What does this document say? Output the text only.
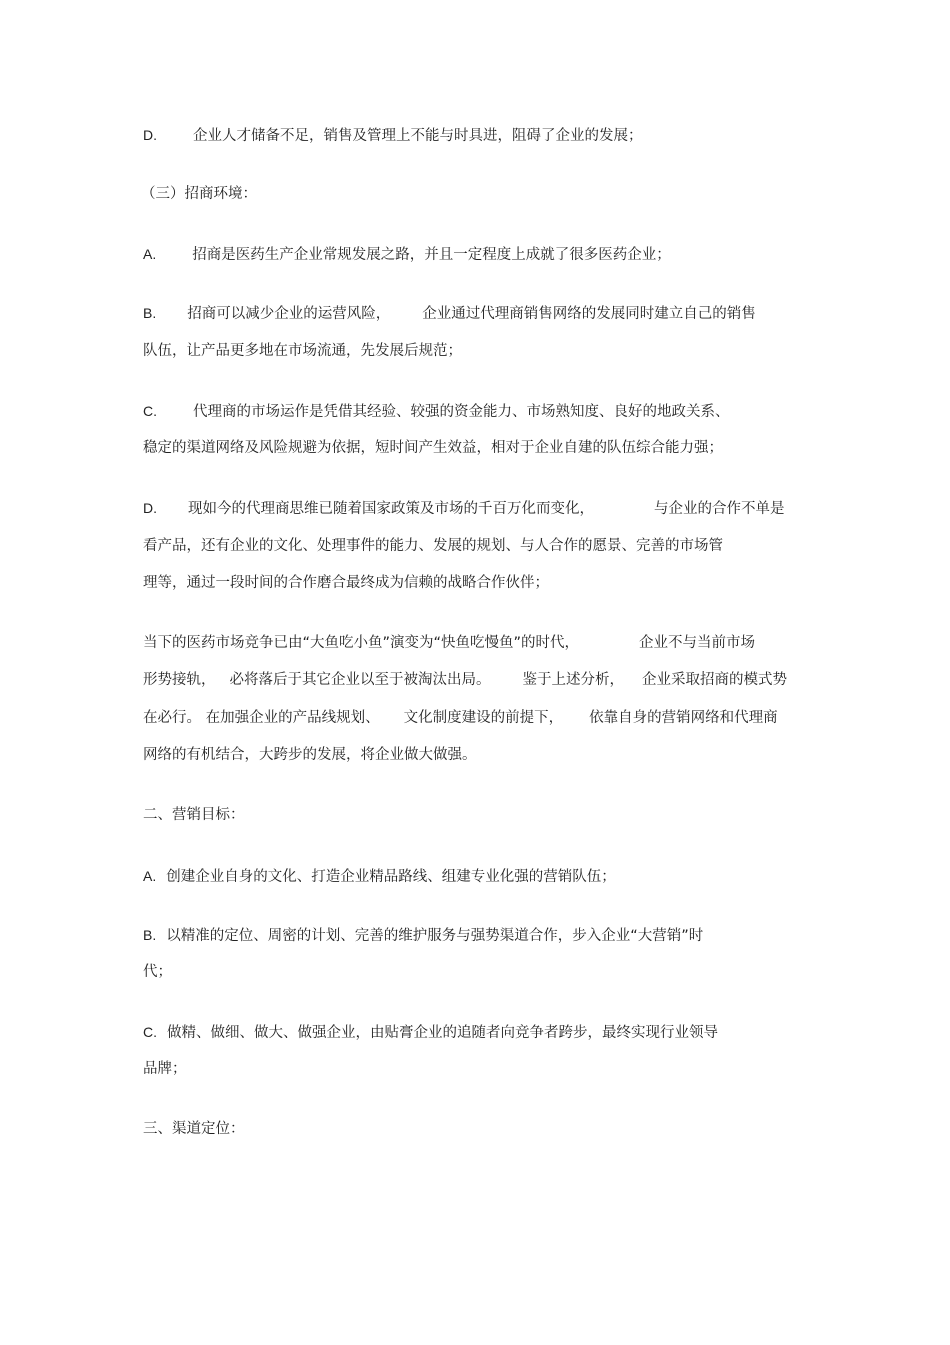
D. 企业人才储备不足，销售及管理上不能与时具进，阻碍了企业的发展；
（三）招商环境：
A. 招商是医药生产企业常规发展之路，并且一定程度上成就了很多医药企业；
B. 招商可以减少企业的运营风险， 企业通过代理商销售网络的发展同时建立自己的销售
队伍，让产品更多地在市场流通，先发展后规范；
C. 代理商的市场运作是凭借其经验、较强的资金能力、市场熟知度、良好的地政关系、
稳定的渠道网络及风险规避为依据，短时间产生效益，相对于企业自建的队伍综合能力强；
D. 现如今的代理商思维已随着国家政策及市场的千百万化而变化，	与企业的合作不单是
看产品，还有企业的文化、处理事件的能力、发展的规划、与人合作的愿景、完善的市场管
理等，通过一段时间的合作磨合最终成为信赖的战略合作伙伴；
当下的医药市场竞争已由“大鱼吃小鱼”演变为“快鱼吃慢鱼”的时代，	企业不与当前市场
形势接轨， 必将落后于其它企业以至于被淘汰出局。 鉴于上述分析， 企业采取招商的模式势
在必行。 在加强企业的产品线规划、 文化制度建设的前提下， 依靠自身的营销网络和代理商
网络的有机结合，大跨步的发展，将企业做大做强。
二、营销目标：
A. 创建企业自身的文化、打造企业精品路线、组建专业化强的营销队伍；
B. 以精准的定位、周密的计划、完善的维护服务与强势渠道合作，步入企业“大营销”时
代；
C. 做精、做细、做大、做强企业，由贴膏企业的追随者向竞争者跨步，最终实现行业领导
品牌；
三、渠道定位：
